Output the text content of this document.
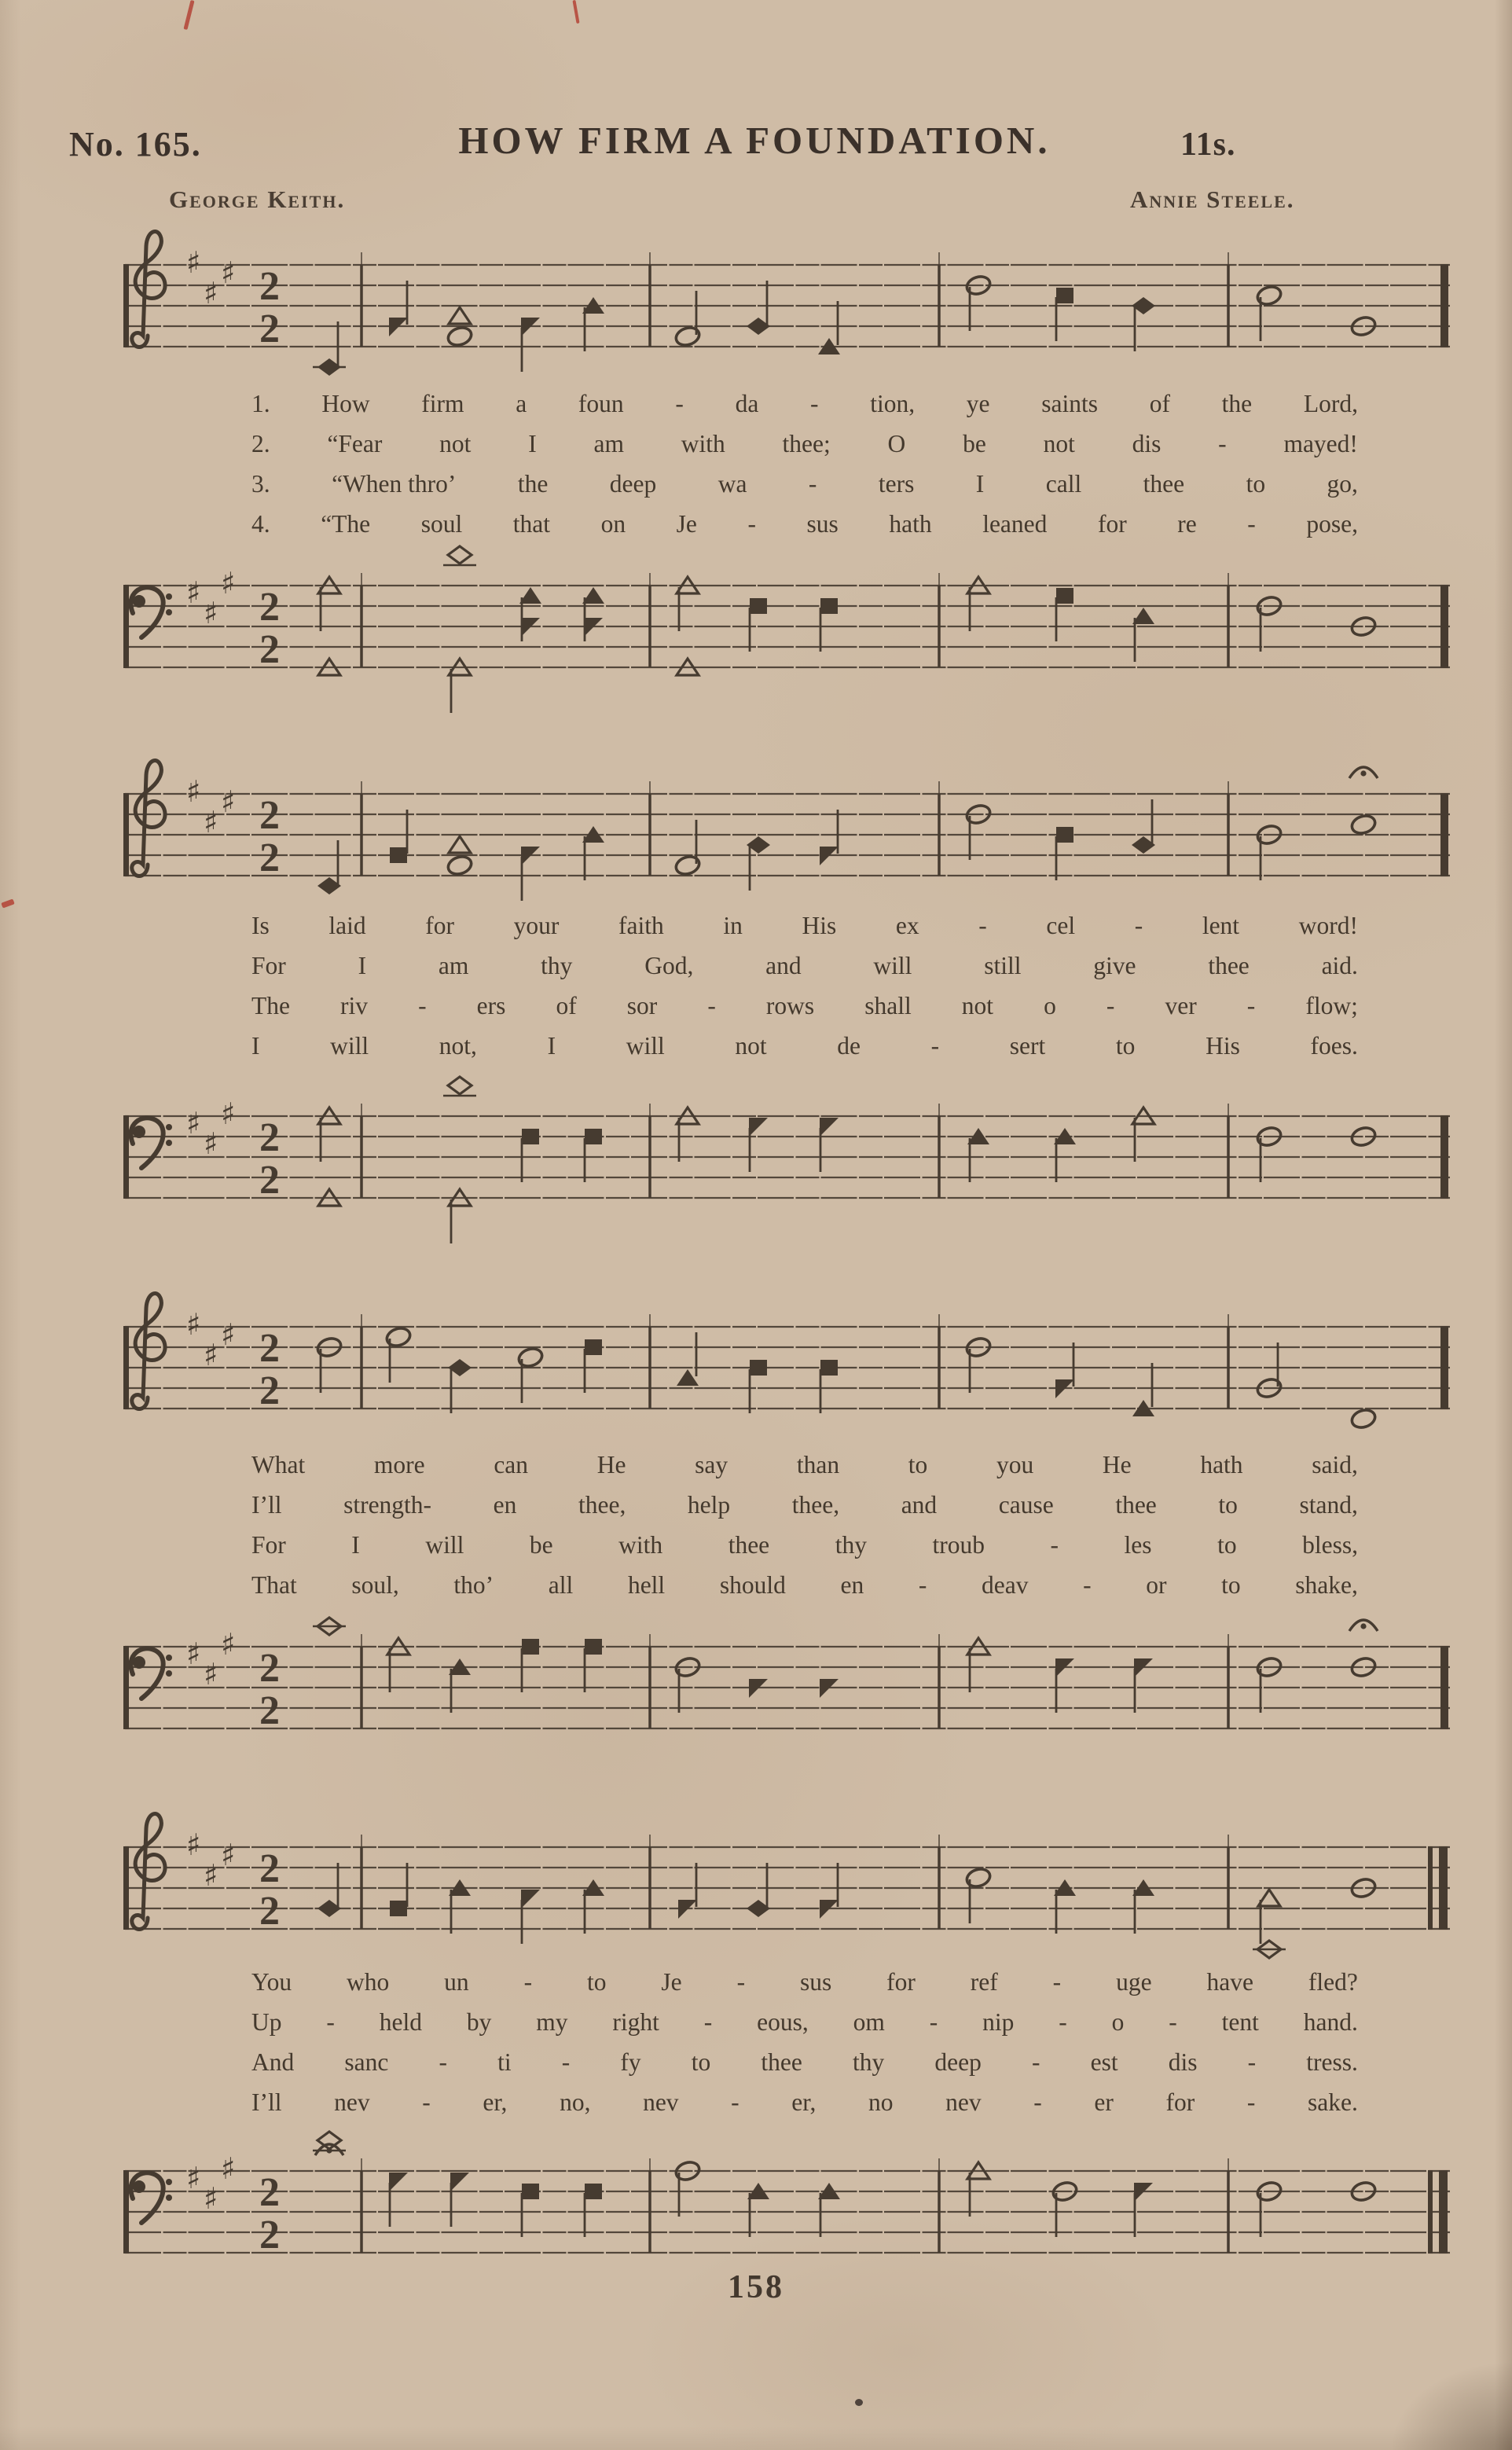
No. 165.	HOW FIRM A FOUNDATION.	11s.
George Keith.	Annie Steele.
♯
♯
♯ 2
2
1. How firm a foun - da - tion, ye saints of the Lord,
2. “Fear not I am with thee; O be not dis - mayed!
3. “When thro’ the deep wa - ters I call thee to go,
4. “The soul that on Je - sus hath leaned for re - pose,
♯
♯
♯
2
2
♯
♯
♯ 2
2
Is laid for your faith in His ex - cel - lent word!
For	I	am	thy	God,	and	will	still	give	thee	aid.
The riv - ers of sor - rows shall not o - ver - flow;
I	will	not,	I	will	not	de	-	sert	to	His	foes.
♯
♯
♯
2
2
♯
♯
♯ 2
2
What	more	can	He	say	than	to	you	He	hath	said,
I’ll strength- en thee, help thee, and cause thee to stand,
For	I	will	be	with	thee	thy	troub	-	les	to	bless,
That soul, tho’ all hell should en - deav - or to shake,
♯
♯
♯
2
2
♯
♯
♯ 2
2
You who un - to Je - sus for ref - uge have fled?
Up - held by my right - eous, om - nip - o - tent hand.
And sanc - ti - fy to thee thy deep - est dis - tress.
I’ll nev - er, no, nev - er, no nev - er for - sake.
♯
♯
♯
2
2
158
